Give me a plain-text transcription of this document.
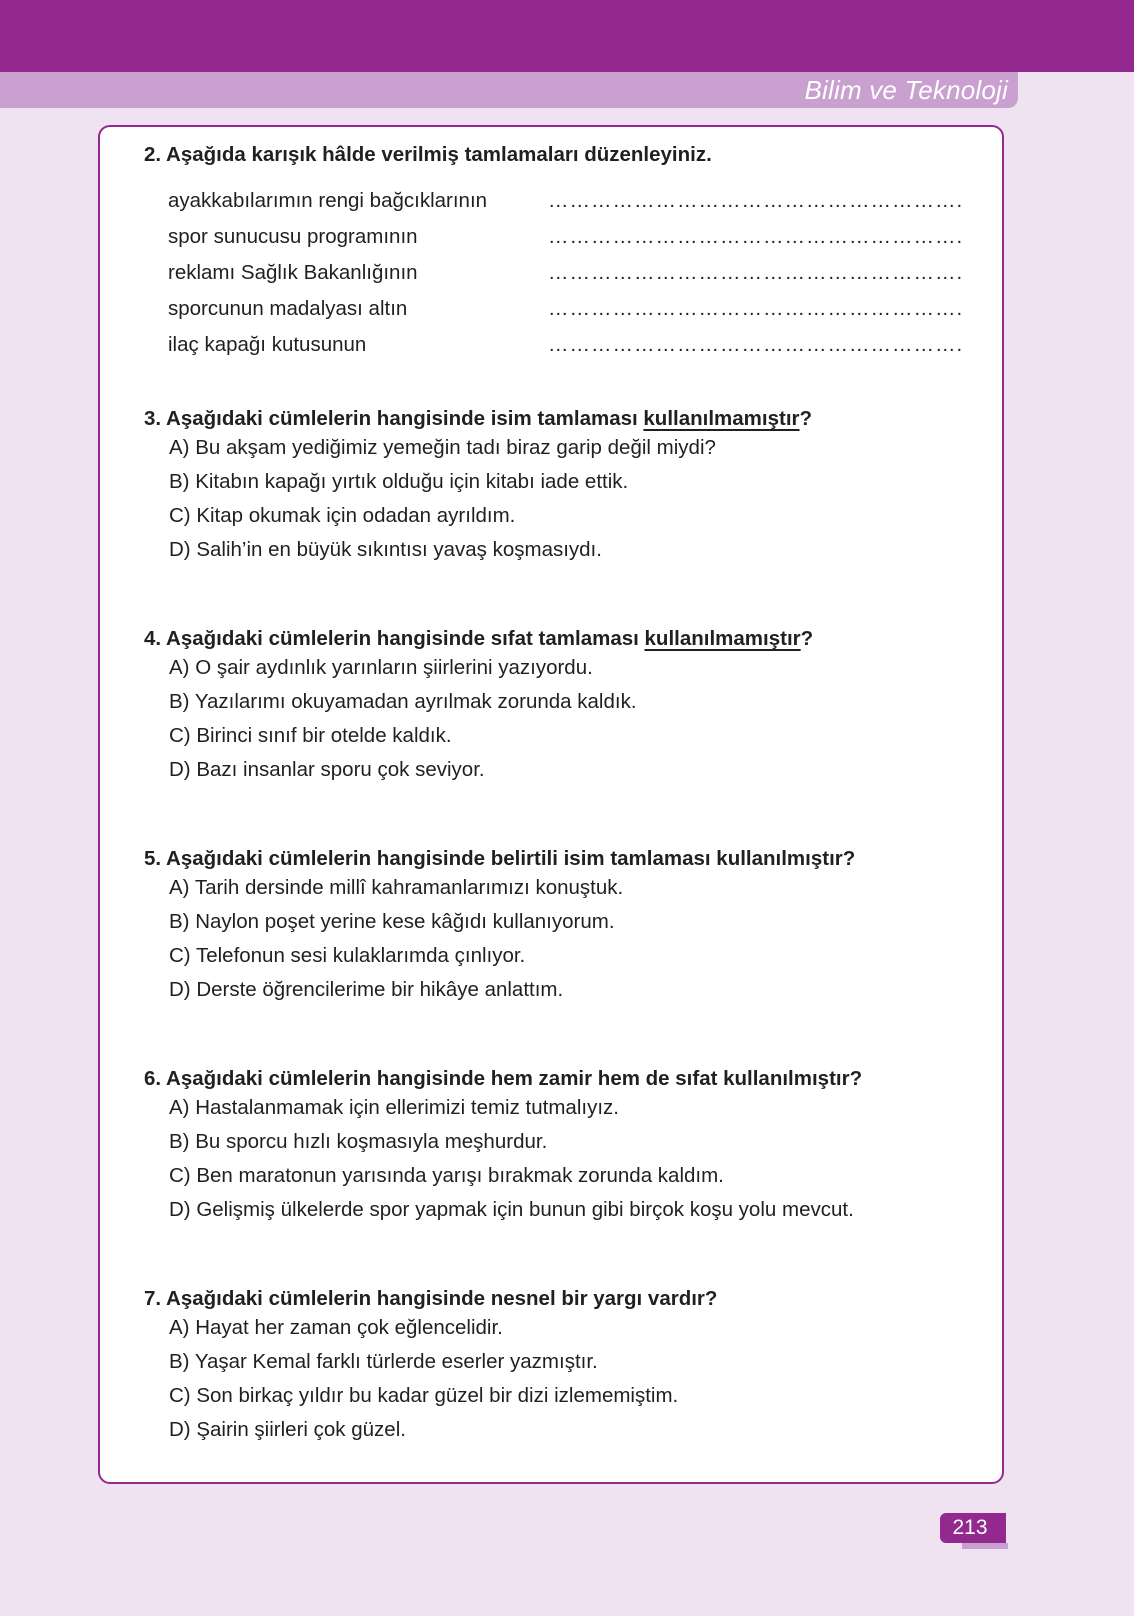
Bilim ve Teknoloji
2. Aşağıda karışık hâlde verilmiş tamlamaları düzenleyiniz.
ayakkabılarımın rengi bağcıklarının	………………………………………………….
spor sunucusu programının	………………………………………………….
reklamı Sağlık Bakanlığının	………………………………………………….
sporcunun madalyası altın	………………………………………………….
ilaç kapağı kutusunun	………………………………………………….
3. Aşağıdaki cümlelerin hangisinde isim tamlaması kullanılmamıştır?
A) Bu akşam yediğimiz yemeğin tadı biraz garip değil miydi?
B) Kitabın kapağı yırtık olduğu için kitabı iade ettik.
C) Kitap okumak için odadan ayrıldım.
D) Salih’in en büyük sıkıntısı yavaş koşmasıydı.
4. Aşağıdaki cümlelerin hangisinde sıfat tamlaması kullanılmamıştır?
A) O şair aydınlık yarınların şiirlerini yazıyordu.
B) Yazılarımı okuyamadan ayrılmak zorunda kaldık.
C) Birinci sınıf bir otelde kaldık.
D) Bazı insanlar sporu çok seviyor.
5. Aşağıdaki cümlelerin hangisinde belirtili isim tamlaması kullanılmıştır?
A) Tarih dersinde millî kahramanlarımızı konuştuk.
B) Naylon poşet yerine kese kâğıdı kullanıyorum.
C) Telefonun sesi kulaklarımda çınlıyor.
D) Derste öğrencilerime bir hikâye anlattım.
6. Aşağıdaki cümlelerin hangisinde hem zamir hem de sıfat kullanılmıştır?
A) Hastalanmamak için ellerimizi temiz tutmalıyız.
B) Bu sporcu hızlı koşmasıyla meşhurdur.
C) Ben maratonun yarısında yarışı bırakmak zorunda kaldım.
D) Gelişmiş ülkelerde spor yapmak için bunun gibi birçok koşu yolu mevcut.
7. Aşağıdaki cümlelerin hangisinde nesnel bir yargı vardır?
A) Hayat her zaman çok eğlencelidir.
B) Yaşar Kemal farklı türlerde eserler yazmıştır.
C) Son birkaç yıldır bu kadar güzel bir dizi izlememiştim.
D) Şairin şiirleri çok güzel.
213
